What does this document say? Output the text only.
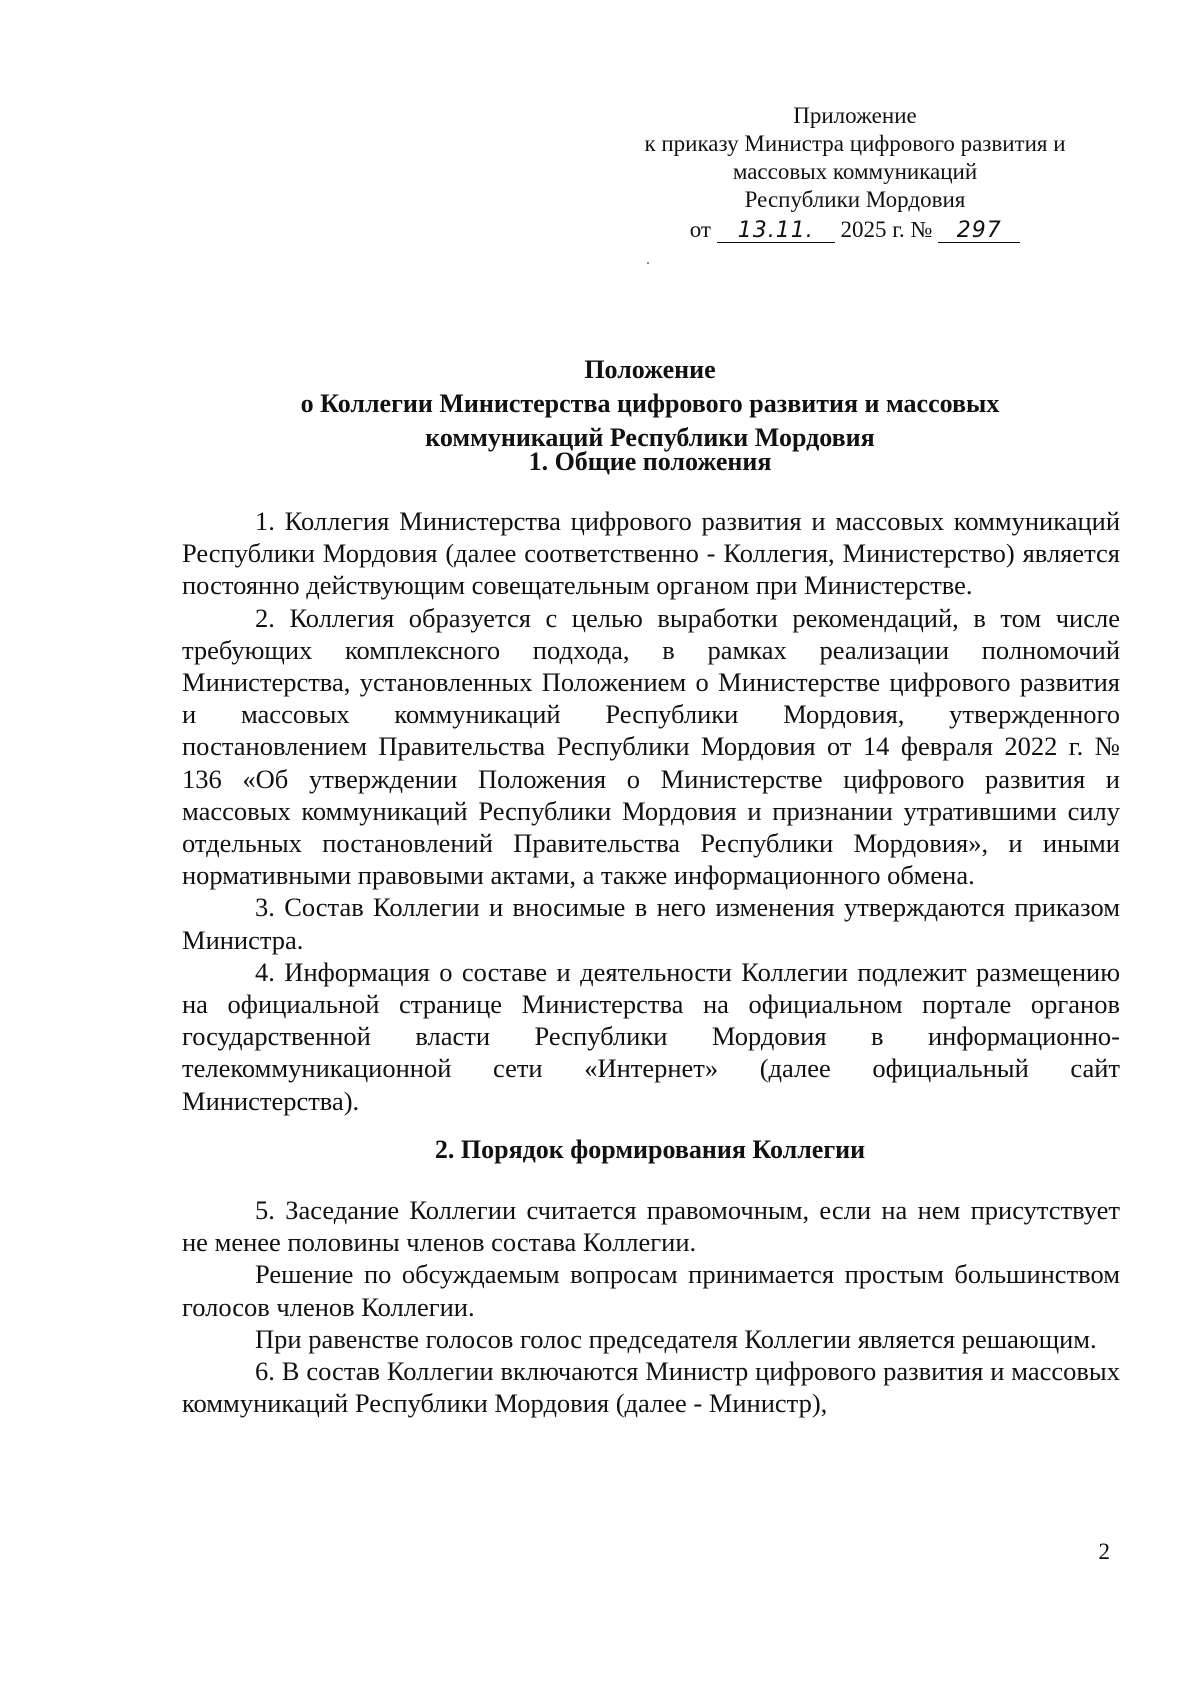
Приложение
к приказу Министра цифрового развития и
массовых коммуникаций
Республики Мордовия
от 13.11. 2025 г. № 297
Положение
о Коллегии Министерства цифрового развития и массовых
коммуникаций Республики Мордовия
1. Общие положения

1. Коллегия Министерства цифрового развития и массовых коммуникаций Республики Мордовия (далее соответственно - Коллегия, Министерство) является постоянно действующим совещательным органом при Министерстве.

2. Коллегия образуется с целью выработки рекомендаций, в том числе требующих комплексного подхода, в рамках реализации полномочий Министерства, установленных Положением о Министерстве цифрового развития и массовых коммуникаций Республики Мордовия, утвержденного постановлением Правительства Республики Мордовия от 14 февраля 2022 г. № 136 «Об утверждении Положения о Министерстве цифрового развития и массовых коммуникаций Республики Мордовия и признании утратившими силу отдельных постановлений Правительства Республики Мордовия», и иными нормативными правовыми актами, а также информационного обмена.

3. Состав Коллегии и вносимые в него изменения утверждаются приказом Министра.

4. Информация о составе и деятельности Коллегии подлежит размещению на официальной странице Министерства на официальном портале органов государственной власти Республики Мордовия в информационно-телекоммуникационной сети «Интернет» (далее официальный сайт Министерства).

2. Порядок формирования Коллегии

5. Заседание Коллегии считается правомочным, если на нем присутствует не менее половины членов состава Коллегии.

Решение по обсуждаемым вопросам принимается простым большинством голосов членов Коллегии.

При равенстве голосов голос председателя Коллегии является решающим.

6. В состав Коллегии включаются Министр цифрового развития и массовых коммуникаций Республики Мордовия (далее - Министр),

2
